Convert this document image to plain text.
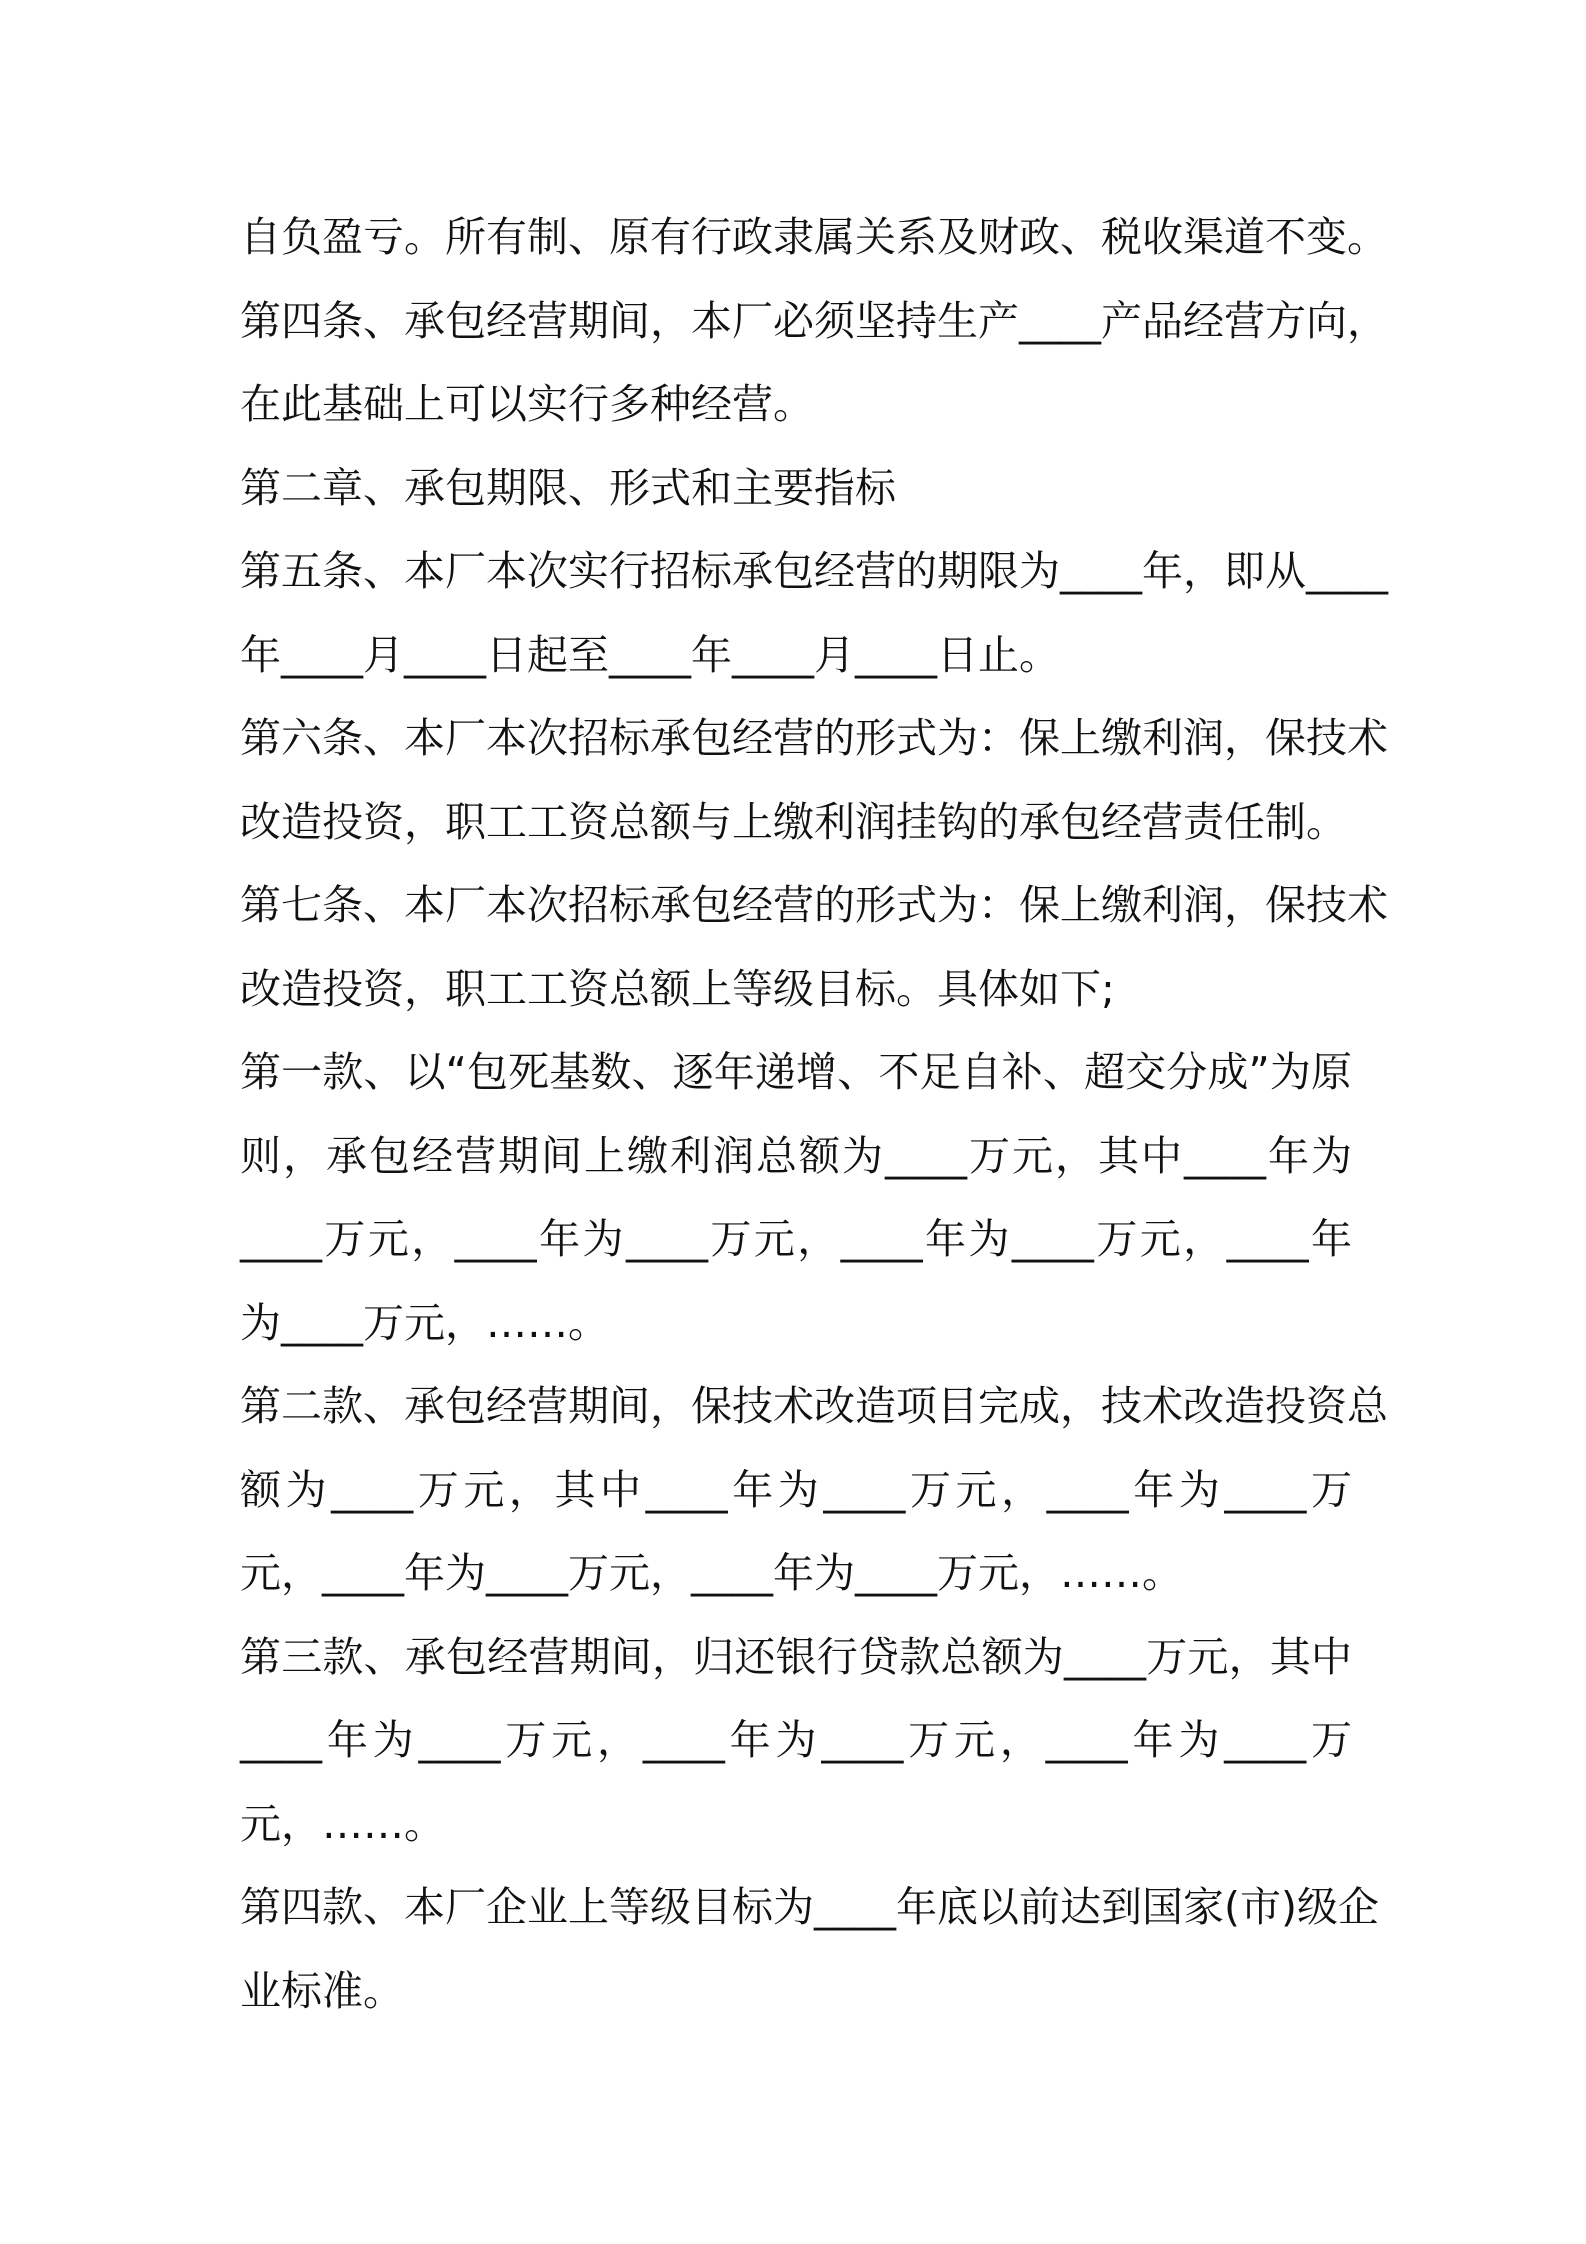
自负盈亏。所有制、原有行政隶属关系及财政、税收渠道不变。
第四条、承包经营期间，本厂必须坚持生产____产品经营方向，
在此基础上可以实行多种经营。
第二章、承包期限、形式和主要指标
第五条、本厂本次实行招标承包经营的期限为____年，即从____
年____月____日起至____年____月____日止。
第六条、本厂本次招标承包经营的形式为：保上缴利润，保技术
改造投资，职工工资总额与上缴利润挂钩的承包经营责任制。
第七条、本厂本次招标承包经营的形式为：保上缴利润，保技术
改造投资，职工工资总额上等级目标。具体如下;
第一款、以“包死基数、逐年递增、不足自补、超交分成”为原
则，承包经营期间上缴利润总额为____万元，其中____年为
____万元，____年为____万元，____年为____万元，____年
为____万元，……。
第二款、承包经营期间，保技术改造项目完成，技术改造投资总
额为____万元，其中____年为____万元，____年为____万
元，____年为____万元，____年为____万元，……。
第三款、承包经营期间，归还银行贷款总额为____万元，其中
____年为____万元，____年为____万元，____年为____万
元，……。
第四款、本厂企业上等级目标为____年底以前达到国家(市)级企
业标准。
